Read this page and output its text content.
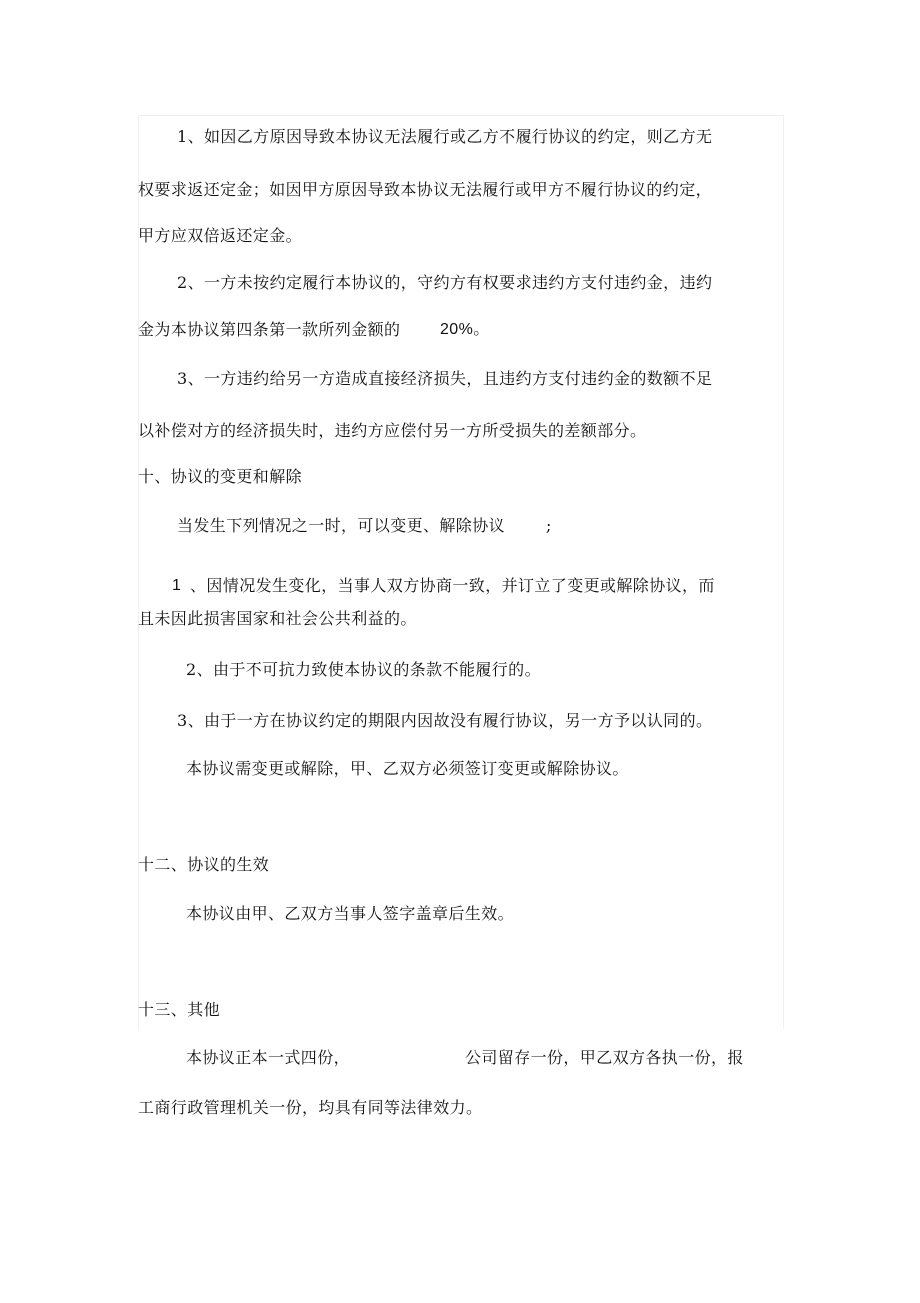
1、如因乙方原因导致本协议无法履行或乙方不履行协议的约定，则乙方无
权要求返还定金；如因甲方原因导致本协议无法履行或甲方不履行协议的约定，
甲方应双倍返还定金。
2、一方未按约定履行本协议的，守约方有权要求违约方支付违约金，违约
金为本协议第四条第一款所列金额的 20%。
3、一方违约给另一方造成直接经济损失，且违约方支付违约金的数额不足
以补偿对方的经济损失时，违约方应偿付另一方所受损失的差额部分。
十、协议的变更和解除
当发生下列情况之一时，可以变更、解除协议	;
1 、因情况发生变化，当事人双方协商一致，并订立了变更或解除协议，而
且未因此损害国家和社会公共利益的。
2、由于不可抗力致使本协议的条款不能履行的。
3、由于一方在协议约定的期限内因故没有履行协议，另一方予以认同的。
本协议需变更或解除，甲、乙双方必须签订变更或解除协议。
十二、协议的生效
本协议由甲、乙双方当事人签字盖章后生效。
十三、其他
本协议正本一式四份，	公司留存一份，甲乙双方各执一份，报
工商行政管理机关一份，均具有同等法律效力。
